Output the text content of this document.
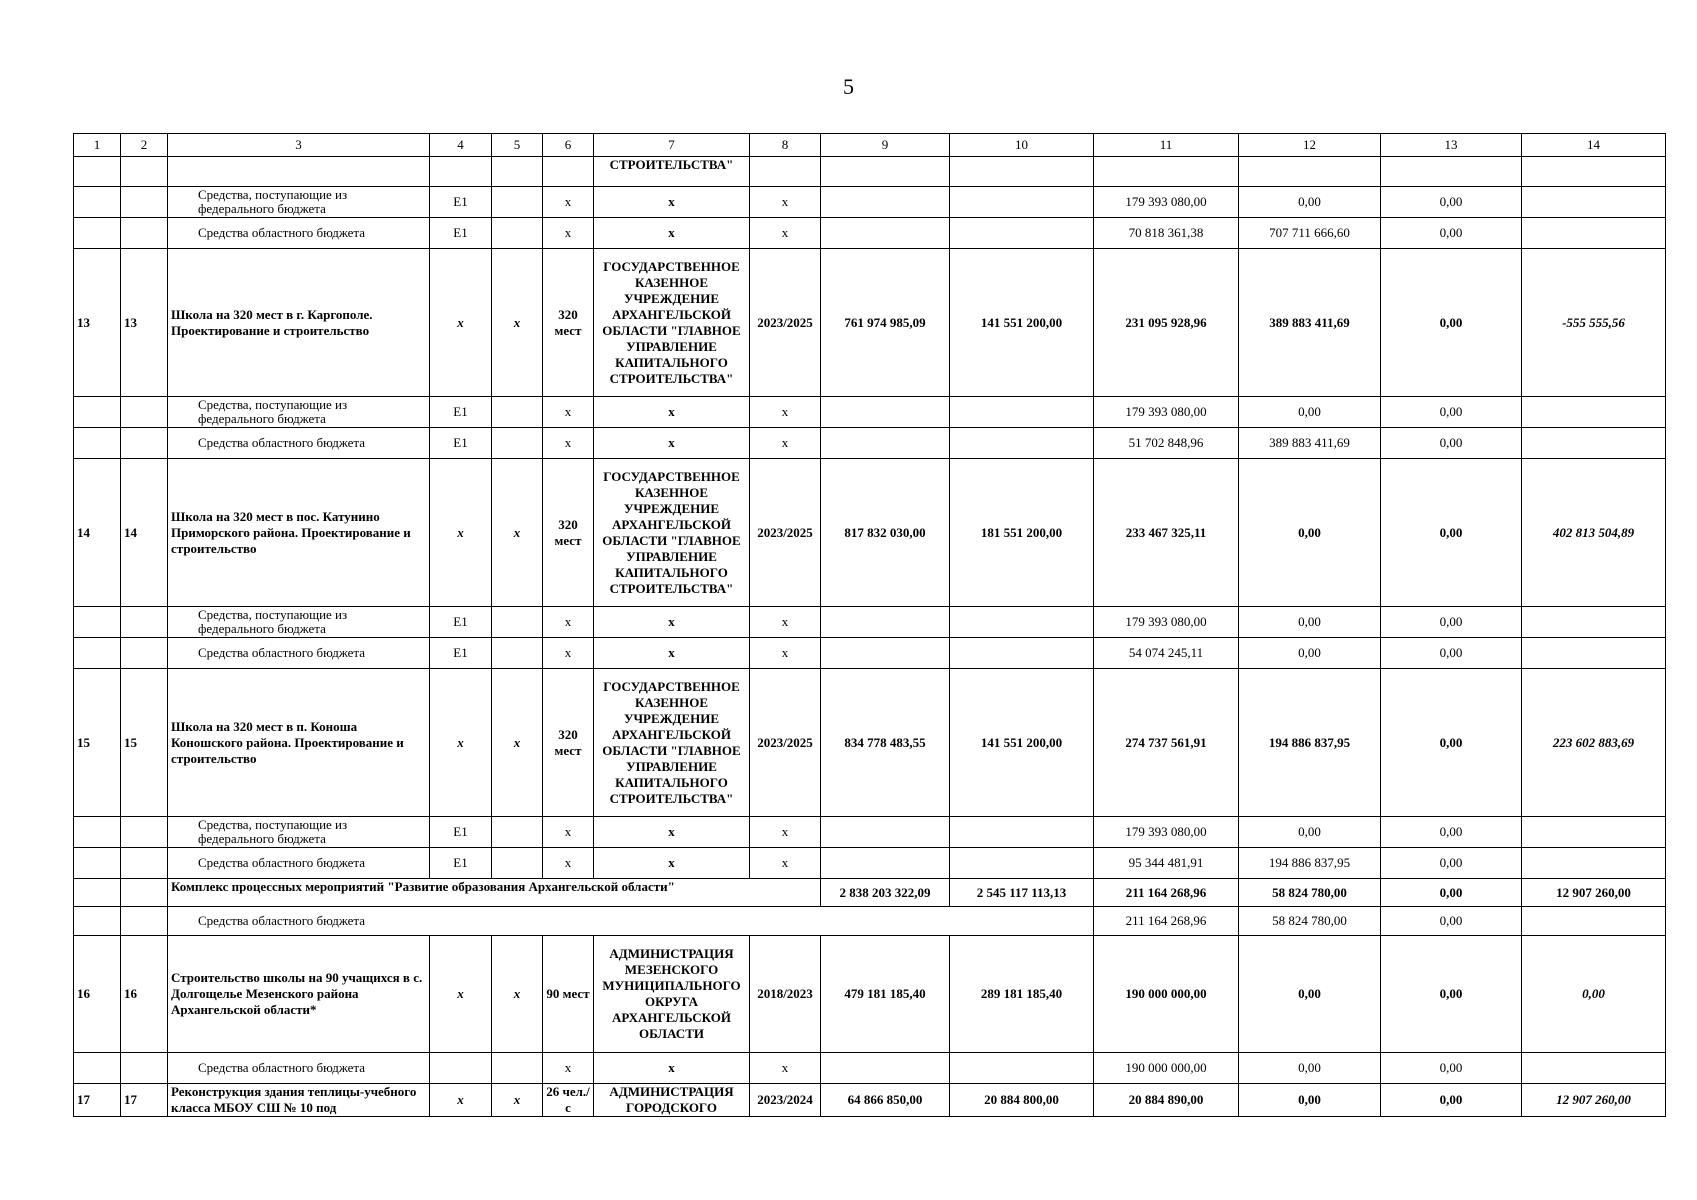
5
1	2	3	4	5	6	7	8	9	10	11	12	13	14
						СТРОИТЕЛЬСТВА"							
		Средства, поступающие из федерального бюджета	Е1		х	х	х			179 393 080,00	0,00	0,00	
		Средства областного бюджета	Е1		х	х	х			70 818 361,38	707 711 666,60	0,00	
13	13	Школа на 320 мест в г. Каргополе. Проектирование и строительство	х	х	320 мест	ГОСУДАРСТВЕННОЕ КАЗЕННОЕ УЧРЕЖДЕНИЕ АРХАНГЕЛЬСКОЙ ОБЛАСТИ "ГЛАВНОЕ УПРАВЛЕНИЕ КАПИТАЛЬНОГО СТРОИТЕЛЬСТВА"	2023/2025	761 974 985,09	141 551 200,00	231 095 928,96	389 883 411,69	0,00	-555 555,56
		Средства, поступающие из федерального бюджета	Е1		х	х	х			179 393 080,00	0,00	0,00	
		Средства областного бюджета	Е1		х	х	х			51 702 848,96	389 883 411,69	0,00	
14	14	Школа на 320 мест в пос. Катунино Приморского района. Проектирование и строительство	х	х	320 мест	ГОСУДАРСТВЕННОЕ КАЗЕННОЕ УЧРЕЖДЕНИЕ АРХАНГЕЛЬСКОЙ ОБЛАСТИ "ГЛАВНОЕ УПРАВЛЕНИЕ КАПИТАЛЬНОГО СТРОИТЕЛЬСТВА"	2023/2025	817 832 030,00	181 551 200,00	233 467 325,11	0,00	0,00	402 813 504,89
		Средства, поступающие из федерального бюджета	Е1		х	х	х			179 393 080,00	0,00	0,00	
		Средства областного бюджета	Е1		х	х	х			54 074 245,11	0,00	0,00	
15	15	Школа на 320 мест в п. Коноша Коношского района. Проектирование и строительство	х	х	320 мест	ГОСУДАРСТВЕННОЕ КАЗЕННОЕ УЧРЕЖДЕНИЕ АРХАНГЕЛЬСКОЙ ОБЛАСТИ "ГЛАВНОЕ УПРАВЛЕНИЕ КАПИТАЛЬНОГО СТРОИТЕЛЬСТВА"	2023/2025	834 778 483,55	141 551 200,00	274 737 561,91	194 886 837,95	0,00	223 602 883,69
		Средства, поступающие из федерального бюджета	Е1		х	х	х			179 393 080,00	0,00	0,00	
		Средства областного бюджета	Е1		х	х	х			95 344 481,91	194 886 837,95	0,00	
		Комплекс процессных мероприятий "Развитие образования Архангельской области"						2 838 203 322,09	2 545 117 113,13	211 164 268,96	58 824 780,00	0,00	12 907 260,00
		Средства областного бюджета								211 164 268,96	58 824 780,00	0,00	
16	16	Строительство школы на 90 учащихся в с. Долгощелье Мезенского района Архангельской области*	х	х	90 мест	АДМИНИСТРАЦИЯ МЕЗЕНСКОГО МУНИЦИПАЛЬНОГО ОКРУГА АРХАНГЕЛЬСКОЙ ОБЛАСТИ	2018/2023	479 181 185,40	289 181 185,40	190 000 000,00	0,00	0,00	0,00
		Средства областного бюджета			х	х	х			190 000 000,00	0,00	0,00	
17	17	Реконструкция здания теплицы-учебного класса МБОУ СШ № 10 под	х	х	26 чел./с	АДМИНИСТРАЦИЯ ГОРОДСКОГО	2023/2024	64 866 850,00	20 884 800,00	20 884 890,00	0,00	0,00	12 907 260,00
